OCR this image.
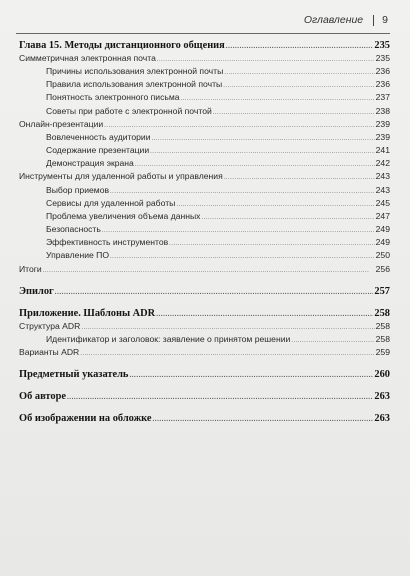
Оглавление 9
Глава 15. Методы дистанционного общения . . .	235
Симметричная электронная почта . . .	235
Причины использования электронной почты . . .	236
Правила использования электронной почты . . .	236
Понятность электронного письма . . .	237
Советы при работе с электронной почтой . . .	238
Онлайн-презентации . . .	239
Вовлеченность аудитории . . .	239
Содержание презентации . . .	241
Демонстрация экрана . . .	242
Инструменты для удаленной работы и управления . . .	243
Выбор приемов . . .	243
Сервисы для удаленной работы . . .	245
Проблема увеличения объема данных . . .	247
Безопасность . . .	249
Эффективность инструментов . . .	249
Управление ПО . . .	250
Итоги . . .	256
Эпилог . . .	257
Приложение. Шаблоны ADR . . .	258
Структура ADR . . .	258
Идентификатор и заголовок: заявление о принятом решении . . .	258
Варианты ADR . . .	259
Предметный указатель . . .	260
Об авторе . . .	263
Об изображении на обложке . . .	263
